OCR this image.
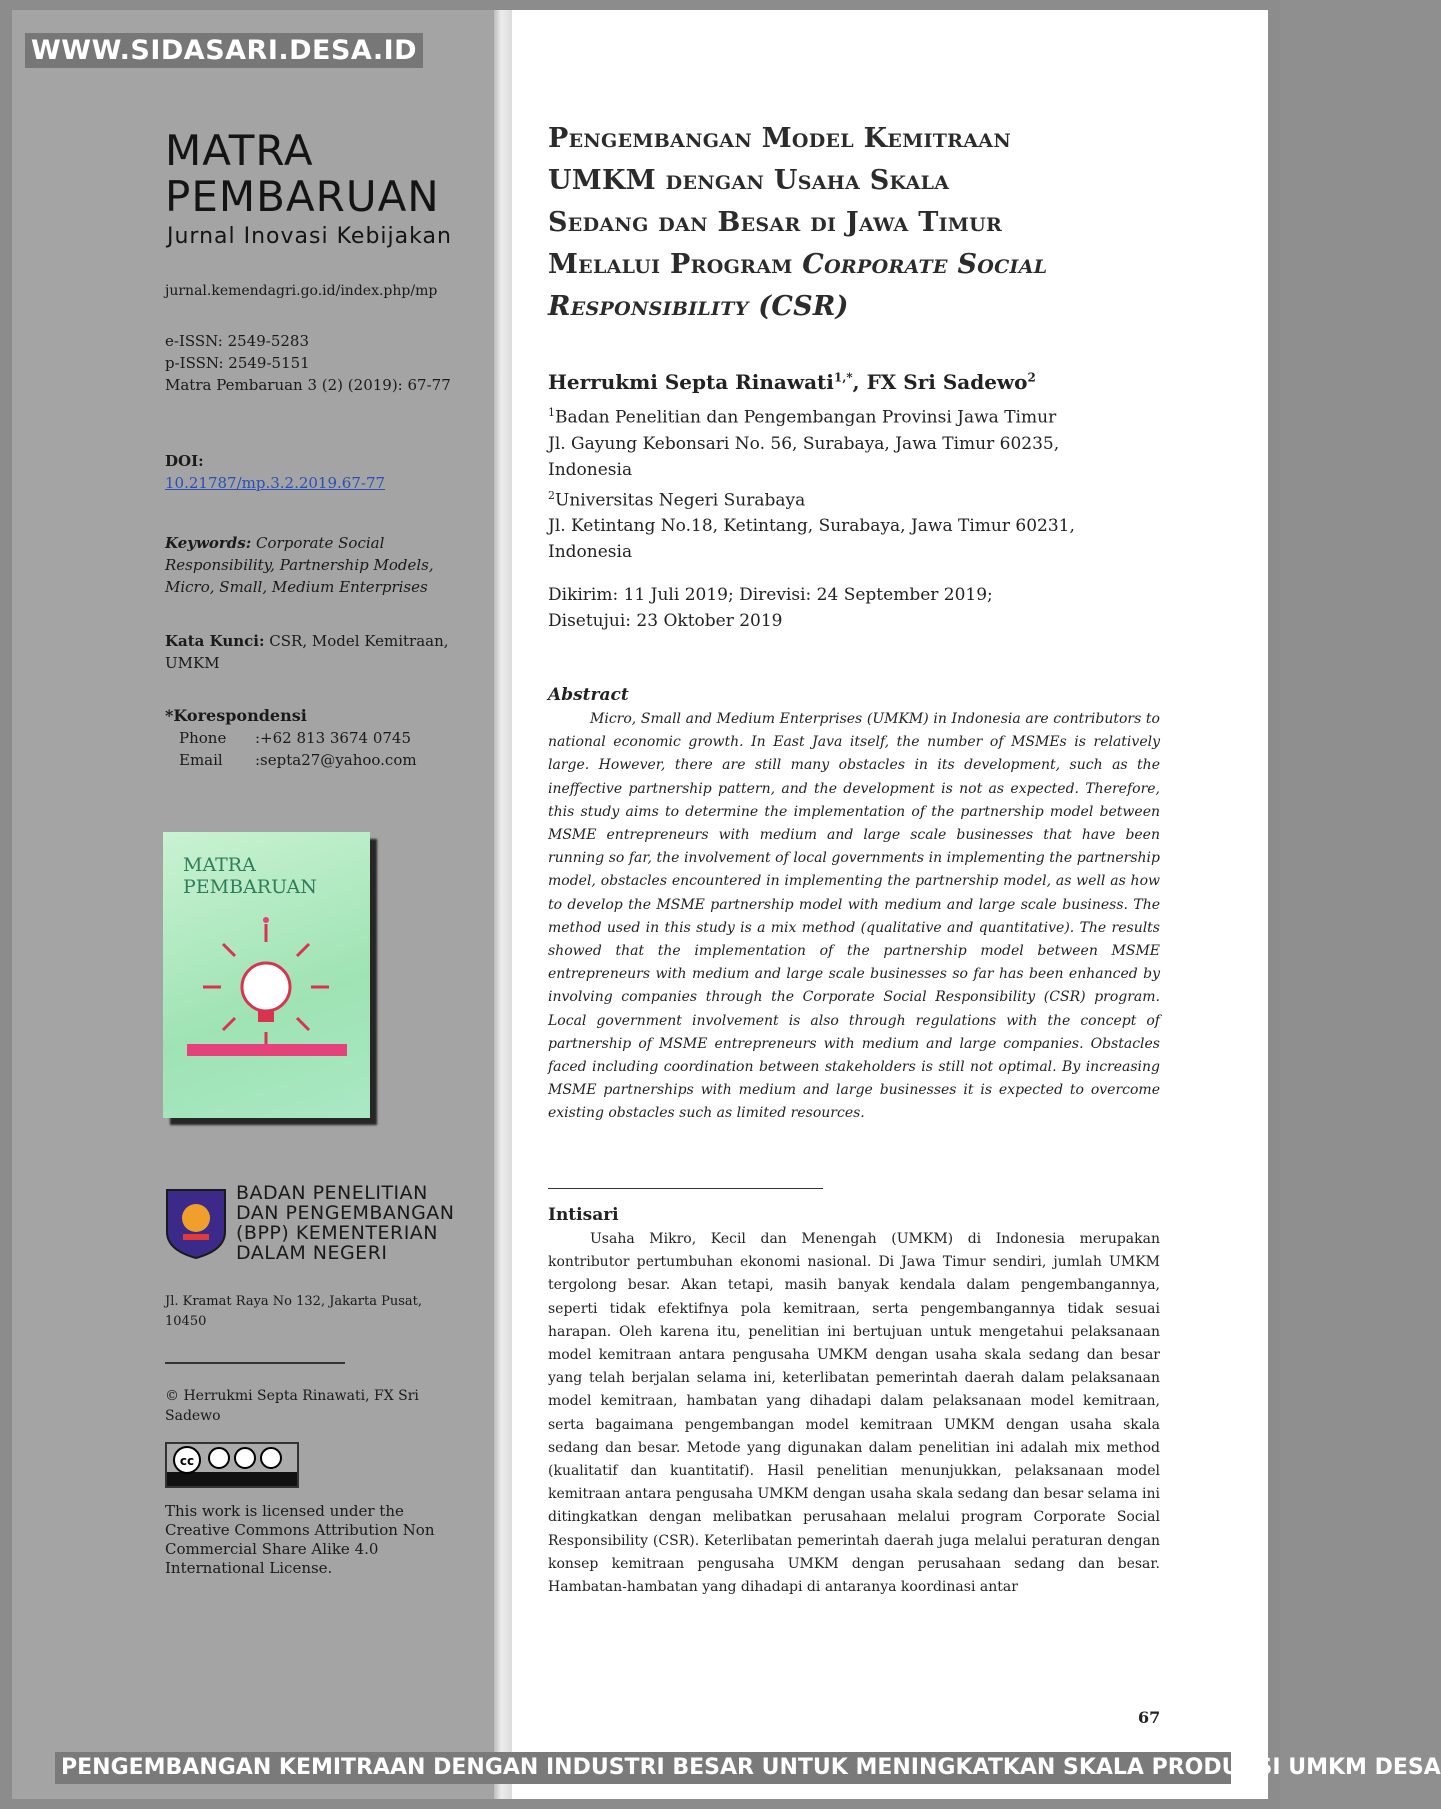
WWW.SIDASARI.DESA.ID
MATRA
PEMBARUAN
Jurnal Inovasi Kebijakan
jurnal.kemendagri.go.id/index.php/mp
e-ISSN: 2549-5283
p-ISSN: 2549-5151
Matra Pembaruan 3 (2) (2019): 67-77
DOI:
10.21787/mp.3.2.2019.67-77
Keywords: Corporate Social Responsibility, Partnership Models, Micro, Small, Medium Enterprises
Kata Kunci: CSR, Model Kemitraan, UMKM
*Korespondensi
Phone :+62 813 3674 0745
Email :septa27@yahoo.com
MATRA PEMBARUAN
BADAN PENELITIAN
DAN PENGEMBANGAN
(BPP) KEMENTERIAN
DALAM NEGERI
Jl. Kramat Raya No 132, Jakarta Pusat, 10450
© Herrukmi Septa Rinawati, FX Sri Sadewo
cc
This work is licensed under the Creative Commons Attribution Non Commercial Share Alike 4.0 International License.
Pengembangan Model Kemitraan
UMKM dengan Usaha Skala
Sedang dan Besar di Jawa Timur
Melalui Program Corporate Social
Responsibility (CSR)
Herrukmi Septa Rinawati$^{1,*}$, FX Sri Sadewo$^2$
$^1$Badan Penelitian dan Pengembangan Provinsi Jawa Timur
Jl. Gayung Kebonsari No. 56, Surabaya, Jawa Timur 60235,
Indonesia
$^2$Universitas Negeri Surabaya
Jl. Ketintang No.18, Ketintang, Surabaya, Jawa Timur 60231,
Indonesia
Dikirim: 11 Juli 2019; Direvisi: 24 September 2019;
Disetujui: 23 Oktober 2019
Abstract
Micro, Small and Medium Enterprises (UMKM) in Indonesia are contributors to national economic growth. In East Java itself, the number of MSMEs is relatively large. However, there are still many obstacles in its development, such as the ineffective partnership pattern, and the development is not as expected. Therefore, this study aims to determine the implementation of the partnership model between MSME entrepreneurs with medium and large scale businesses that have been running so far, the involvement of local governments in implementing the partnership model, obstacles encountered in implementing the partnership model, as well as how to develop the MSME partnership model with medium and large scale business. The method used in this study is a mix method (qualitative and quantitative). The results showed that the implementation of the partnership model between MSME entrepreneurs with medium and large scale businesses so far has been enhanced by involving companies through the Corporate Social Responsibility (CSR) program. Local government involvement is also through regulations with the concept of partnership of MSME entrepreneurs with medium and large companies. Obstacles faced including coordination between stakeholders is still not optimal. By increasing MSME partnerships with medium and large businesses it is expected to overcome existing obstacles such as limited resources.
Intisari
Usaha Mikro, Kecil dan Menengah (UMKM) di Indonesia merupakan kontributor pertumbuhan ekonomi nasional. Di Jawa Timur sendiri, jumlah UMKM tergolong besar. Akan tetapi, masih banyak kendala dalam pengembangannya, seperti tidak efektifnya pola kemitraan, serta pengembangannya tidak sesuai harapan. Oleh karena itu, penelitian ini bertujuan untuk mengetahui pelaksanaan model kemitraan antara pengusaha UMKM dengan usaha skala sedang dan besar yang telah berjalan selama ini, keterlibatan pemerintah daerah dalam pelaksanaan model kemitraan, hambatan yang dihadapi dalam pelaksanaan model kemitraan, serta bagaimana pengembangan model kemitraan UMKM dengan usaha skala sedang dan besar. Metode yang digunakan dalam penelitian ini adalah mix method (kualitatif dan kuantitatif). Hasil penelitian menunjukkan, pelaksanaan model kemitraan antara pengusaha UMKM dengan usaha skala sedang dan besar selama ini ditingkatkan dengan melibatkan perusahaan melalui program Corporate Social Responsibility (CSR). Keterlibatan pemerintah daerah juga melalui peraturan dengan konsep kemitraan pengusaha UMKM dengan perusahaan sedang dan besar. Hambatan-hambatan yang dihadapi di antaranya koordinasi antar
67
PENGEMBANGAN KEMITRAAN DENGAN INDUSTRI BESAR UNTUK MENINGKATKAN SKALA PRODUKSI UMKM DESA
